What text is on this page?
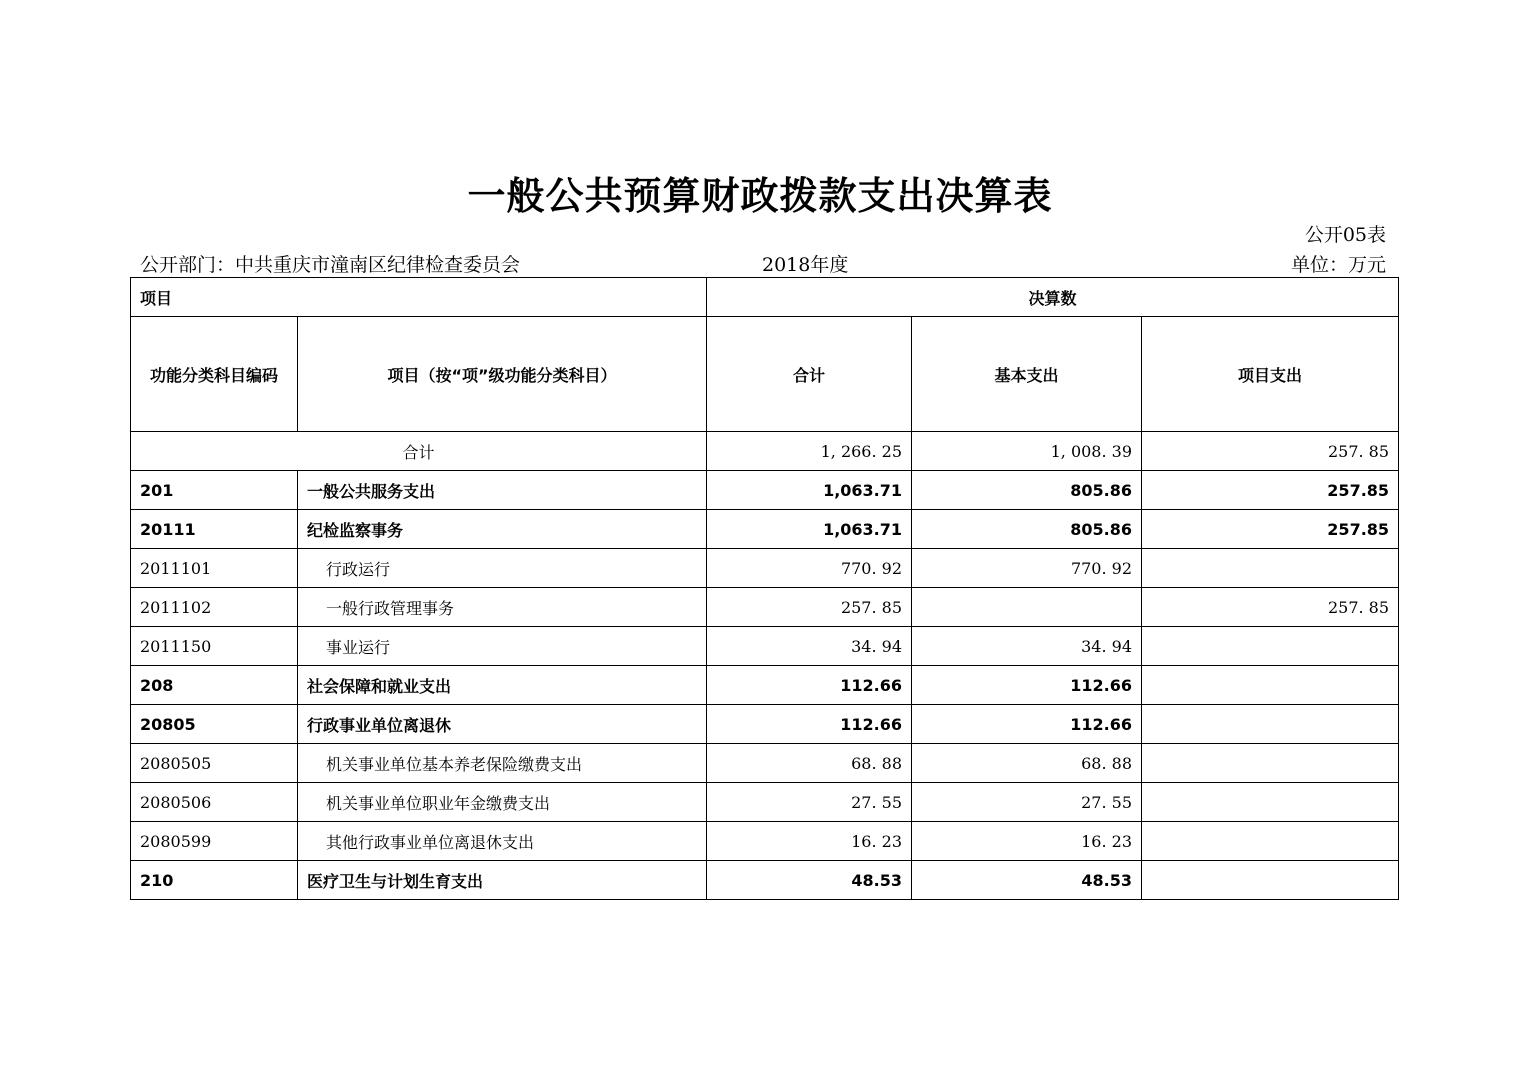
一般公共预算财政拨款支出决算表
公开05表
公开部门：中共重庆市潼南区纪律检查委员会	2018年度	单位：万元
项目		决算数		
功能分类科目编码	项目（按“项”级功能分类科目）	合计	基本支出	项目支出
合计		1, 266. 25	1, 008. 39	257. 85
201	一般公共服务支出	1,063.71	805.86	257.85
20111	纪检监察事务	1,063.71	805.86	257.85
2011101	行政运行	770. 92	770. 92	
2011102	一般行政管理事务	257. 85		257. 85
2011150	事业运行	34. 94	34. 94	
208	社会保障和就业支出	112.66	112.66	
20805	行政事业单位离退休	112.66	112.66	
2080505	机关事业单位基本养老保险缴费支出	68. 88	68. 88	
2080506	机关事业单位职业年金缴费支出	27. 55	27. 55	
2080599	其他行政事业单位离退休支出	16. 23	16. 23	
210	医疗卫生与计划生育支出	48.53	48.53	
